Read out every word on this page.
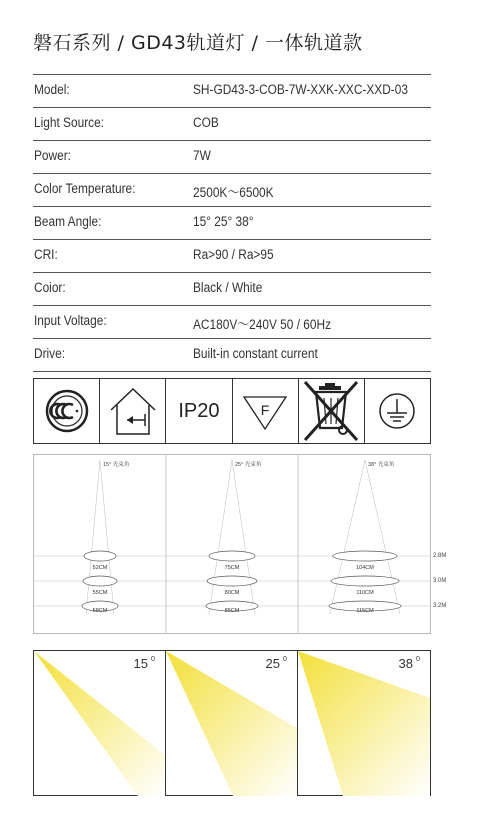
磐石系列 / GD43轨道灯 / 一体轨道款
Model:	SH-GD43-3-COB-7W-XXK-XXC-XXD-03
Light Source:	COB
Power:	7W
Color Temperature:	2500K～6500K
Beam Angle:	15° 25° 38°
CRI:	Ra>90 / Ra>95
Coior:	Black / White
Input Voltage:	AC180V～240V 50 / 60Hz
Drive:	Built-in constant current
IP20	F
15° 光束角
52CM
55CM
58CM
25° 光束角
75CM
80CM
85CM
38° 光束角
104CM
110CM
115CM
2.8M
3.0M
3.2M
15 0	25 0	38 0
